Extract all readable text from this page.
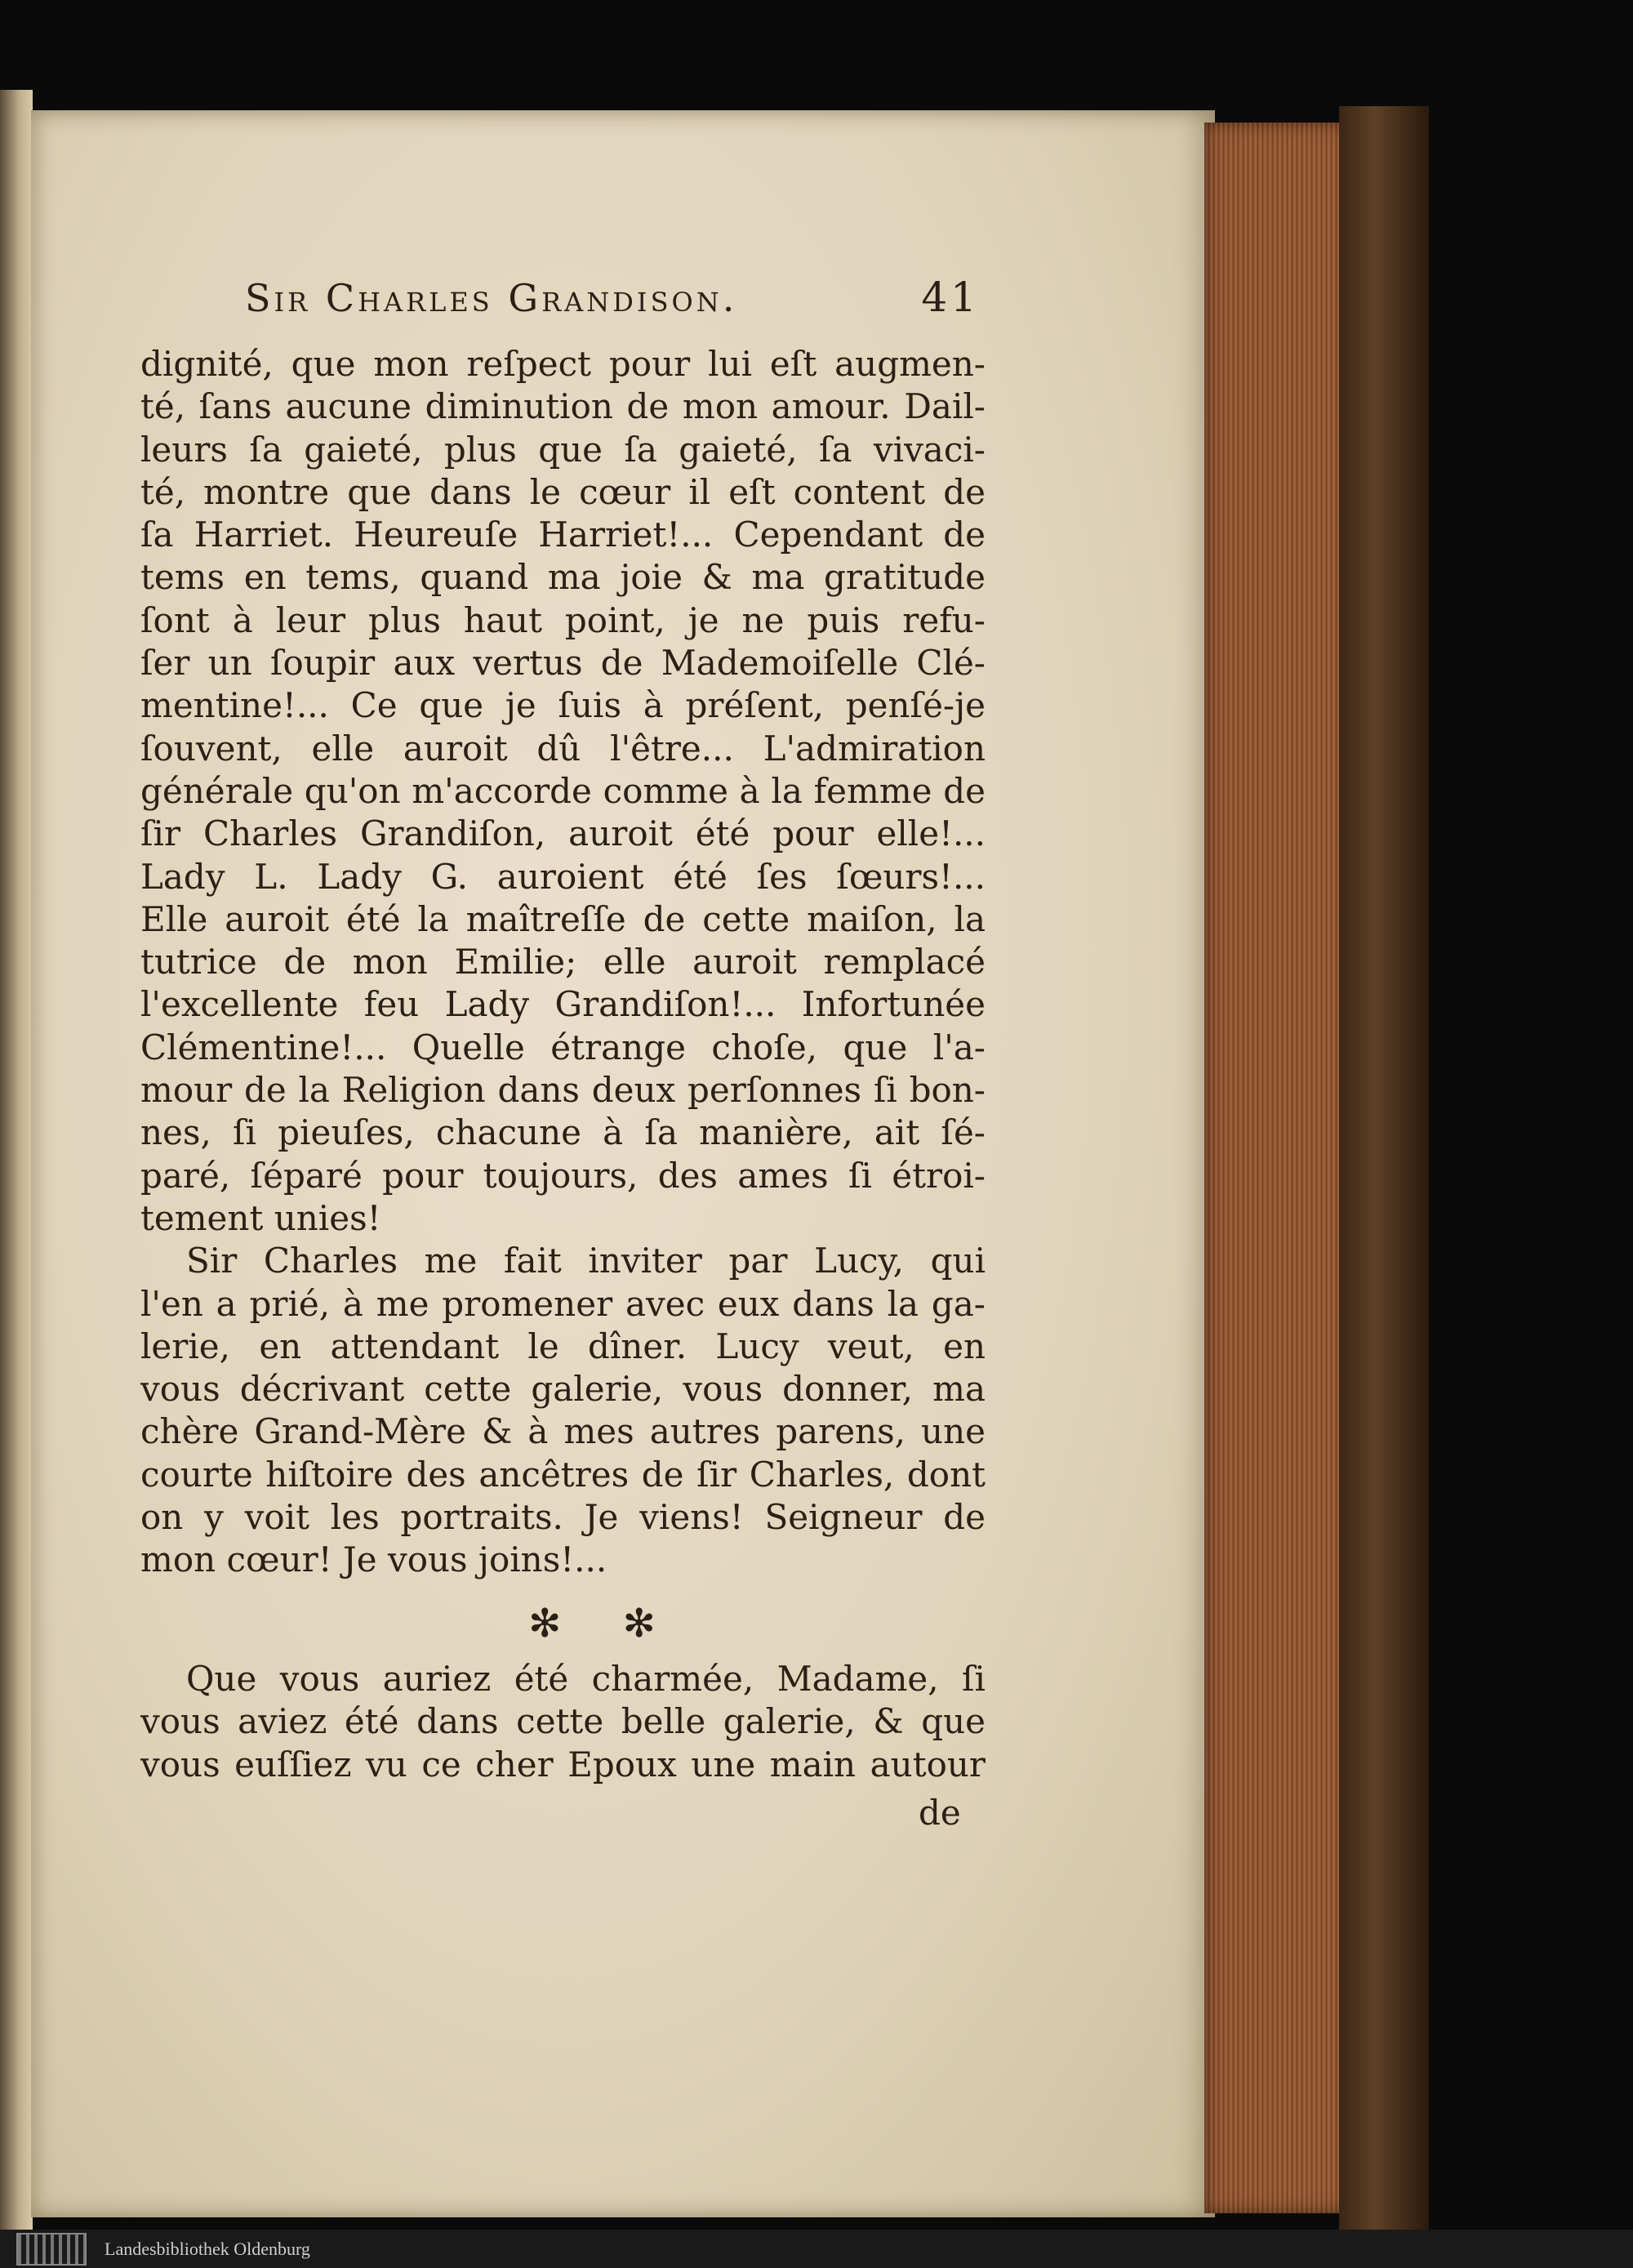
Sir Charles Grandison.	41
dignité, que mon reſpect pour lui eſt augmen-
té, ſans aucune diminution de mon amour. Dail-
leurs ſa gaieté, plus que ſa gaieté, ſa vivaci-
té, montre que dans le cœur il eſt content de
ſa Harriet. Heureuſe Harriet!... Cependant de
tems en tems, quand ma joie & ma gratitude
ſont à leur plus haut point, je ne puis refu-
ſer un ſoupir aux vertus de Mademoiſelle Clé-
mentine!... Ce que je ſuis à préſent, penſé-je
ſouvent, elle auroit dû l'être... L'admiration
générale qu'on m'accorde comme à la femme de
ſir Charles Grandiſon, auroit été pour elle!...
Lady L. Lady G. auroient été ſes ſœurs!...
Elle auroit été la maîtreſſe de cette maiſon, la
tutrice de mon Emilie; elle auroit remplacé
l'excellente feu Lady Grandiſon!... Infortunée
Clémentine!... Quelle étrange choſe, que l'a-
mour de la Religion dans deux perſonnes ſi bon-
nes, ſi pieuſes, chacune à ſa manière, ait ſé-
paré, ſéparé pour toujours, des ames ſi étroi-
tement unies!
Sir Charles me fait inviter par Lucy, qui
l'en a prié, à me promener avec eux dans la ga-
lerie, en attendant le dîner. Lucy veut, en
vous décrivant cette galerie, vous donner, ma
chère Grand-Mère & à mes autres parens, une
courte hiſtoire des ancêtres de ſir Charles, dont
on y voit les portraits. Je viens! Seigneur de
mon cœur! Je vous joins!...
✻ ✻
Que vous auriez été charmée, Madame, ſi
vous aviez été dans cette belle galerie, & que
vous euſſiez vu ce cher Epoux une main autour
de
Landesbibliothek Oldenburg
